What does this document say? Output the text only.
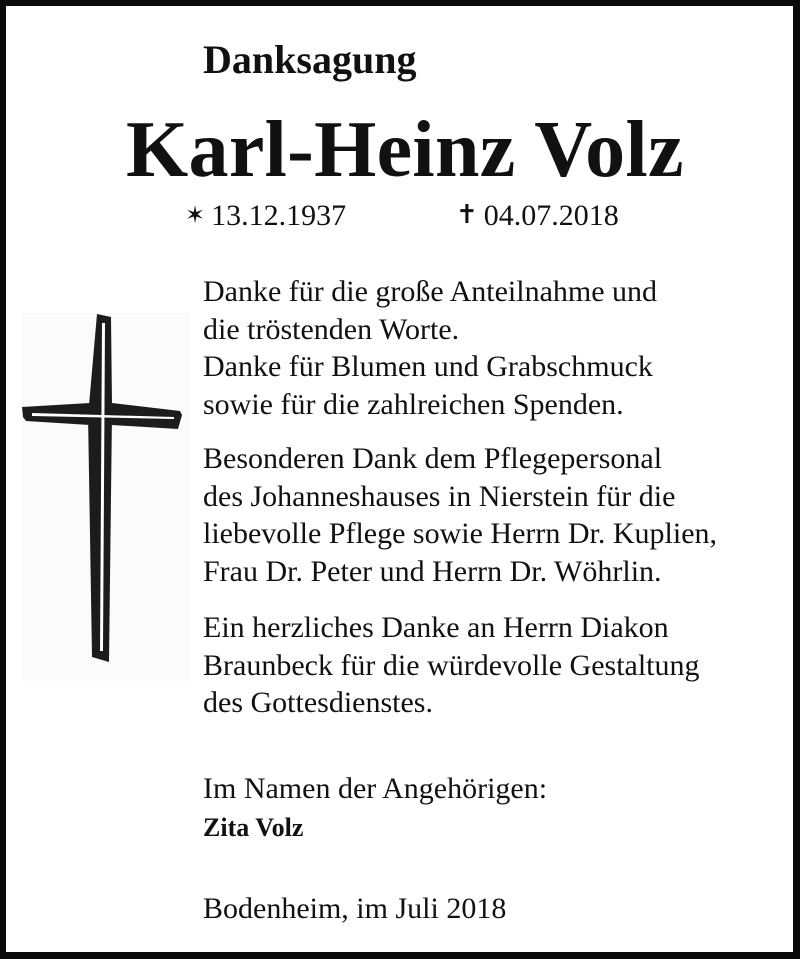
Danksagung
Karl-Heinz Volz
✶ 13.12.1937	✝ 04.07.2018
Danke für die große Anteilnahme und
die tröstenden Worte.
Danke für Blumen und Grabschmuck
sowie für die zahlreichen Spenden.
Besonderen Dank dem Pflegepersonal
des Johanneshauses in Nierstein für die
liebevolle Pflege sowie Herrn Dr. Kuplien,
Frau Dr. Peter und Herrn Dr. Wöhrlin.
Ein herzliches Danke an Herrn Diakon
Braunbeck für die würdevolle Gestaltung
des Gottesdienstes.
Im Namen der Angehörigen:
Zita Volz
Bodenheim, im Juli 2018
